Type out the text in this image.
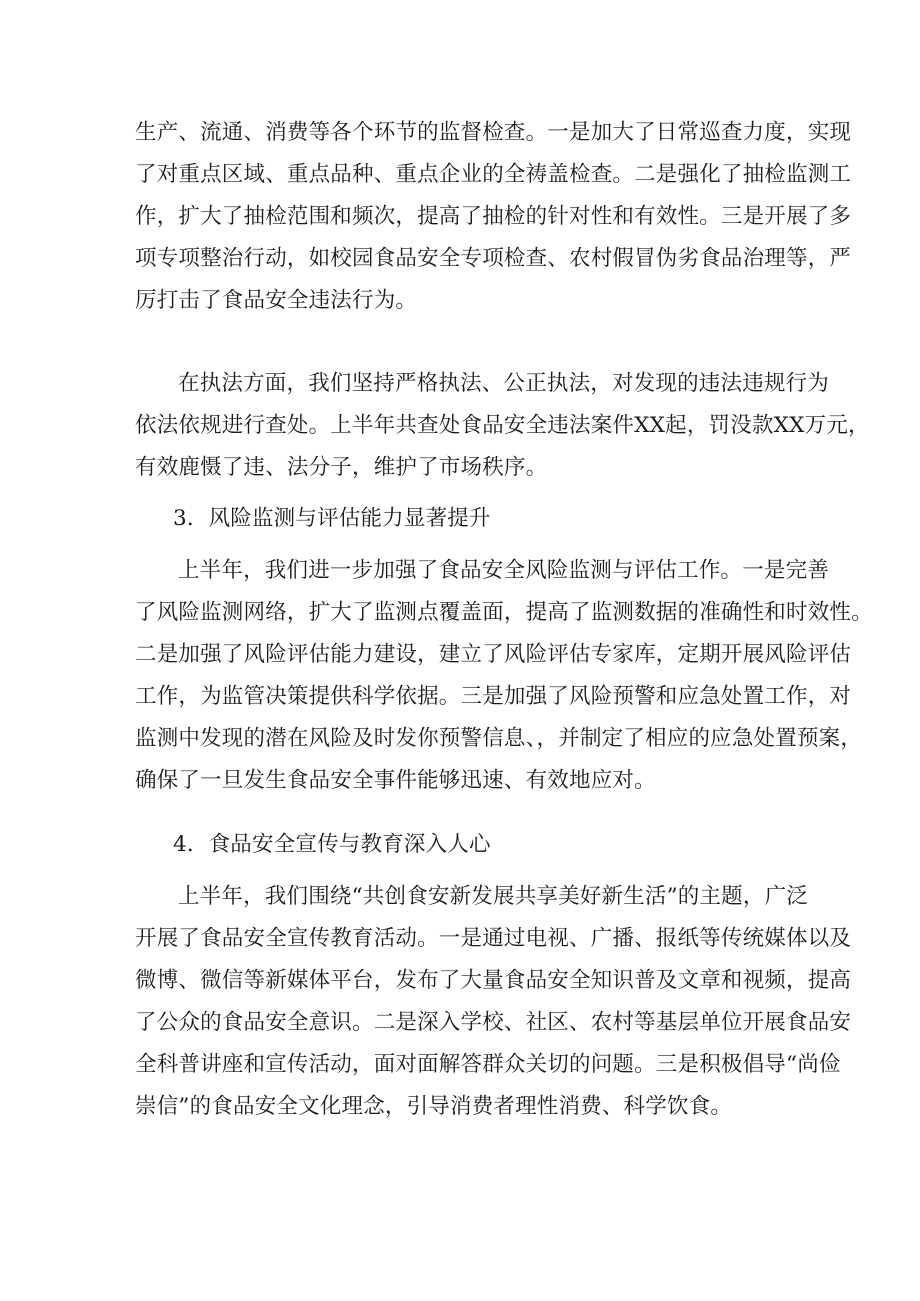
生产、流通、消费等各个环节的监督检查。一是加大了日常巡查力度，实现
了对重点区域、重点品种、重点企业的全祷盖检查。二是强化了抽检监测工
作，扩大了抽检范围和频次，提高了抽检的针对性和有效性。三是开展了多
项专项整治行动，如校园食品安全专项检查、农村假冒伪劣食品治理等，严
厉打击了食品安全违法行为。
在执法方面，我们坚持严格执法、公正执法，对发现的违法违规行为
依法依规进行查处。上半年共查处食品安全违法案件XX起，罚没款XX万元，
有效鹿慑了违、法分子，维护了市场秩序。
3．风险监测与评估能力显著提升
上半年，我们进一步加强了食品安全风险监测与评估工作。一是完善
了风险监测网络，扩大了监测点覆盖面，提高了监测数据的准确性和时效性。
二是加强了风险评估能力建设，建立了风险评估专家库，定期开展风险评估
工作，为监管决策提供科学依据。三是加强了风险预警和应急处置工作，对
监测中发现的潜在风险及时发你预警信息、，并制定了相应的应急处置预案，
确保了一旦发生食品安全事件能够迅速、有效地应对。
4．食品安全宣传与教育深入人心
上半年，我们围绕“共创食安新发展共享美好新生活”的主题，广泛
开展了食品安全宣传教育活动。一是通过电视、广播、报纸等传统媒体以及
微博、微信等新媒体平台，发布了大量食品安全知识普及文章和视频，提高
了公众的食品安全意识。二是深入学校、社区、农村等基层单位开展食品安
全科普讲座和宣传活动，面对面解答群众关切的问题。三是积极倡导“尚俭
崇信”的食品安全文化理念，引导消费者理性消费、科学饮食。
